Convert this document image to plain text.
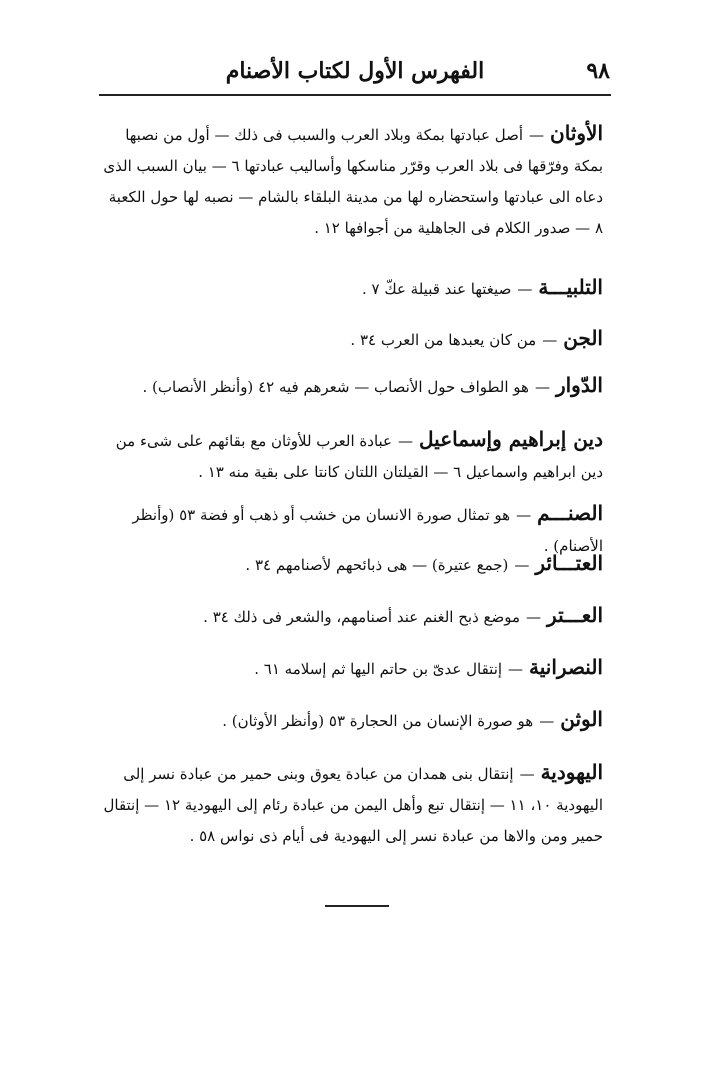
٩٨
الفهرس الأول لكتاب الأصنام
الأوثان—أصل عبادتها بمكة وبلاد العرب والسبب فى ذلك — أول من نصبها بمكة وفرّقها فى بلاد العرب وقرّر مناسكها وأساليب عبادتها ٦ — بيان السبب الذى دعاه الى عبادتها واستحضاره لها من مدينة البلقاء بالشام — نصبه لها حول الكعبة ٨ — صدور الكلام فى الجاهلية من أجوافها ١٢ .
التلبيـــة—صيغتها عند قبيلة عكّ ٧ .
الجن—من كان يعبدها من العرب ٣٤ .
الدّوار—هو الطواف حول الأنصاب — شعرهم فيه ٤٢ (وأنظر الأنصاب) .
دين إبراهيم وإسماعيل—عبادة العرب للأوثان مع بقائهم على شىء من دين ابراهيم واسماعيل ٦ — القيلتان اللتان كانتا على بقية منه ١٣ .
الصنـــم—هو تمثال صورة الانسان من خشب أو ذهب أو فضة ٥٣ (وأنظر الأصنام) .
العتـــائر—(جمع عتيرة) — هى ذبائحهم لأصنامهم ٣٤ .
العـــتر—موضع ذبح الغنم عند أصنامهم، والشعر فى ذلك ٣٤ .
النصرانية—إنتقال عدىّ بن حاتم اليها ثم إسلامه ٦١ .
الوثن—هو صورة الإنسان من الحجارة ٥٣ (وأنظر الأوثان) .
اليهودية—إنتقال بنى همدان من عبادة يعوق وبنى حمير من عبادة نسر إلى اليهودية ١٠، ١١ — إنتقال تبع وأهل اليمن من عبادة رئام إلى اليهودية ١٢ — إنتقال حمير ومن والاها من عبادة نسر إلى اليهودية فى أيام ذى نواس ٥٨ .
